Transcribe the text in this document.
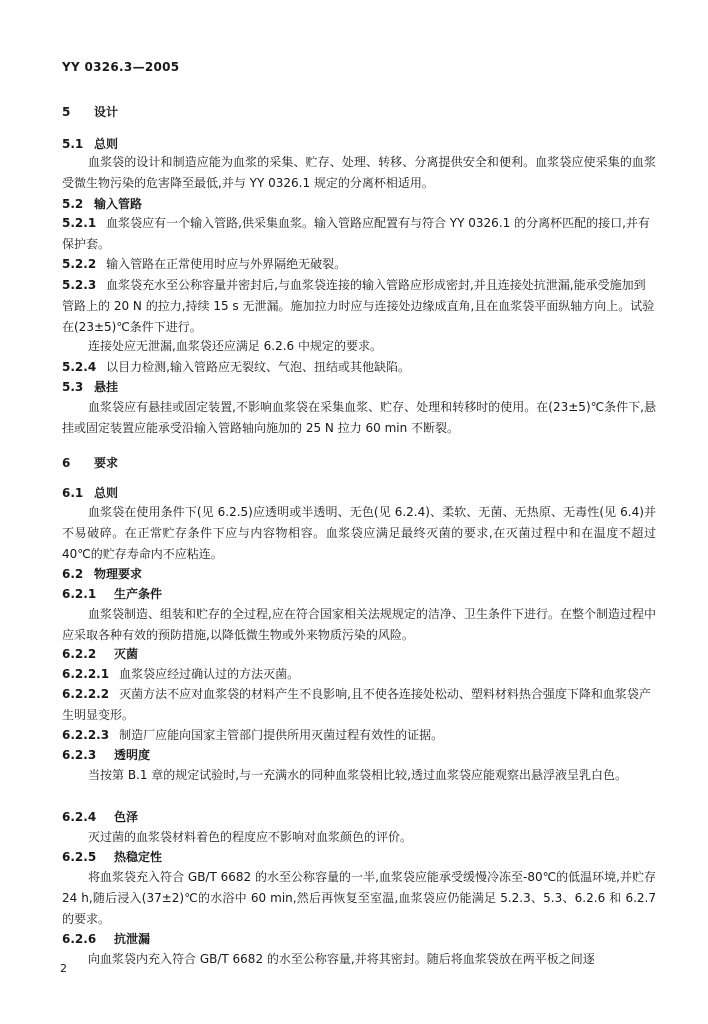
YY 0326.3—2005
5 设计
5.1 总则

血浆袋的设计和制造应能为血浆的采集、贮存、处理、转移、分离提供安全和便利。血浆袋应使采集的血浆受微生物污染的危害降至最低,并与 YY 0326.1 规定的分离杯相适用。

5.2 输入管路
5.2.1 血浆袋应有一个输入管路,供采集血浆。输入管路应配置有与符合 YY 0326.1 的分离杯匹配的接口,并有保护套。
5.2.2 输入管路在正常使用时应与外界隔绝无破裂。
5.2.3 血浆袋充水至公称容量并密封后,与血浆袋连接的输入管路应形成密封,并且连接处抗泄漏,能承受施加到管路上的 20 N 的拉力,持续 15 s 无泄漏。施加拉力时应与连接处边缘成直角,且在血浆袋平面纵轴方向上。试验在(23±5)℃条件下进行。

连接处应无泄漏,血浆袋还应满足 6.2.6 中规定的要求。

5.2.4 以目力检测,输入管路应无裂纹、气泡、扭结或其他缺陷。
5.3 悬挂

血浆袋应有悬挂或固定装置,不影响血浆袋在采集血浆、贮存、处理和转移时的使用。在(23±5)℃条件下,悬挂或固定装置应能承受沿输入管路轴向施加的 25 N 拉力 60 min 不断裂。

6 要求
6.1 总则

血浆袋在使用条件下(见 6.2.5)应透明或半透明、无色(见 6.2.4)、柔软、无菌、无热原、无毒性(见 6.4)并不易破碎。在正常贮存条件下应与内容物相容。血浆袋应满足最终灭菌的要求,在灭菌过程中和在温度不超过 40℃的贮存寿命内不应粘连。

6.2 物理要求
6.2.1 生产条件

血浆袋制造、组装和贮存的全过程,应在符合国家相关法规规定的洁净、卫生条件下进行。在整个制造过程中应采取各种有效的预防措施,以降低微生物或外来物质污染的风险。

6.2.2 灭菌
6.2.2.1 血浆袋应经过确认过的方法灭菌。
6.2.2.2 灭菌方法不应对血浆袋的材料产生不良影响,且不使各连接处松动、塑料材料热合强度下降和血浆袋产生明显变形。
6.2.2.3 制造厂应能向国家主管部门提供所用灭菌过程有效性的证据。
6.2.3 透明度

当按第 B.1 章的规定试验时,与一充满水的同种血浆袋相比较,透过血浆袋应能观察出悬浮液呈乳白色。

6.2.4 色泽

灭过菌的血浆袋材料着色的程度应不影响对血浆颜色的评价。

6.2.5 热稳定性

将血浆袋充入符合 GB/T 6682 的水至公称容量的一半,血浆袋应能承受缓慢冷冻至-80℃的低温环境,并贮存 24 h,随后浸入(37±2)℃的水浴中 60 min,然后再恢复至室温,血浆袋应仍能满足 5.2.3、5.3、6.2.6 和 6.2.7 的要求。

6.2.6 抗泄漏

向血浆袋内充入符合 GB/T 6682 的水至公称容量,并将其密封。随后将血浆袋放在两平板之间逐

2
